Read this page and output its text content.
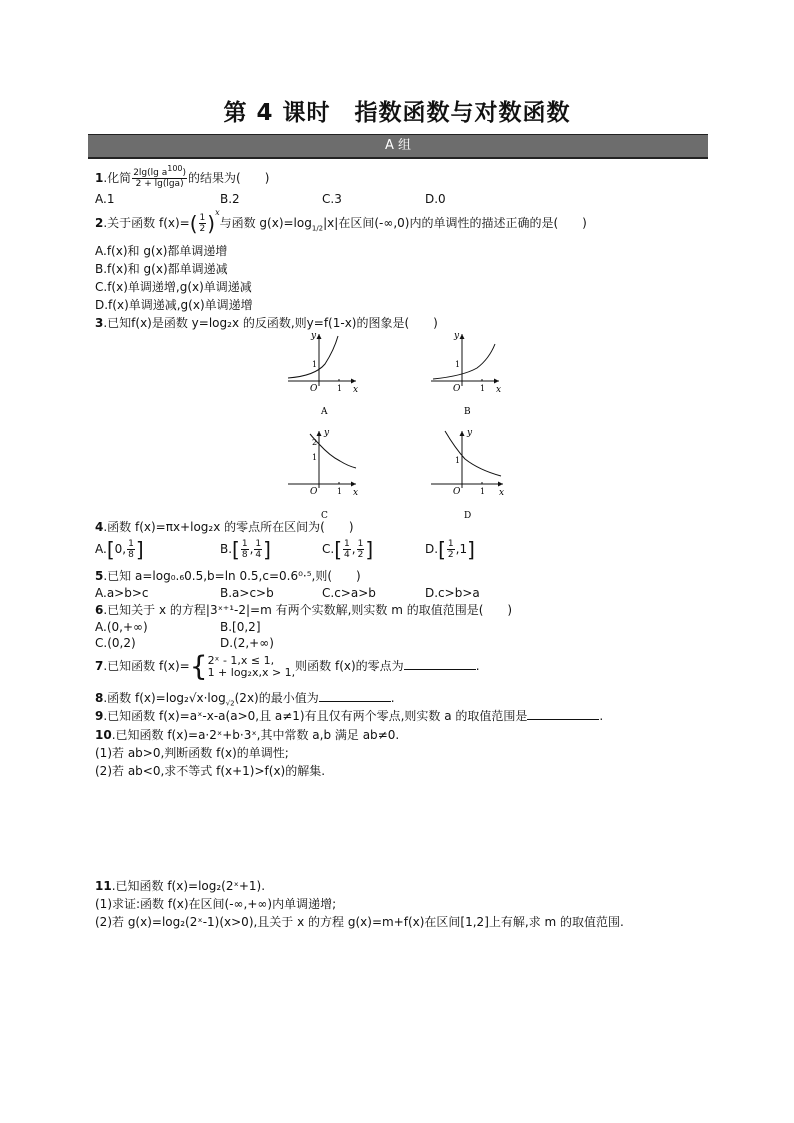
第 4 课时　指数函数与对数函数
A 组
1.化简 $\frac{2\lg(\lg a^{100})}{2 + \lg(\lg a)}$ 的结果为(　　)
A.1	B.2	C.3	D.0
2.关于函数 $f(x)=( \frac{1}{2} )^x$与函数 $g(x)=\log_{1/2}|x|$在区间(-∞,0)内的单调性的描述正确的是(　　)
A.f(x)和 g(x)都单调递增
B.f(x)和 g(x)都单调递减
C.f(x)单调递增,g(x)单调递减
D.f(x)单调递减,g(x)单调递增
3.已知f(x)是函数 y=log₂x 的反函数,则y=f(1-x)的图象是(　　)
y
x
O 1
1
A
y
x
O 1
1
B
y
x
O 1
2
1
C
y
x
O 1
1
D
4.函数 f(x)=πx+log₂x 的零点所在区间为(　　)
A.[0, $\frac{1}{8}$ ]	$B.[ \frac{1}{8}$ , $\frac{1}{4}$ ]	$C.[ \frac{1}{4}$ , $\frac{1}{2}$ ]	$D.[ \frac{1}{2} ,1]$
5.已知 a=log₀.₆0.5,b=ln 0.5,c=0.6⁰·⁵,则(　　)
A.a>b>c	B.a>c>b	C.c>a>b	D.c>b>a
6.已知关于 x 的方程|3ˣ⁺¹-2|=m 有两个实数解,则实数 m 的取值范围是(　　)
A.(0,+∞)	B.[0,2]
C.(0,2)	D.(2,+∞)
7.已知函数 f(x)={ 2ˣ - 1,x ≤ 1,
1 + log₂x,x > 1, 则函数 f(x)的零点为	.
8.函数 $f(x)=\log_2√x\cdot\log_{√2}(2x)$的最小值为	.
9.已知函数 f(x)=aˣ-x-a(a>0,且 a≠1)有且仅有两个零点,则实数 a 的取值范围是	.
10.已知函数 f(x)=a·2ˣ+b·3ˣ,其中常数 a,b 满足 ab≠0.
(1)若 ab>0,判断函数 f(x)的单调性;
(2)若 ab<0,求不等式 f(x+1)>f(x)的解集.
11.已知函数 f(x)=log₂(2ˣ+1).
(1)求证:函数 f(x)在区间(-∞,+∞)内单调递增;
(2)若 g(x)=log₂(2ˣ-1)(x>0),且关于 x 的方程 g(x)=m+f(x)在区间[1,2]上有解,求 m 的取值范围.
